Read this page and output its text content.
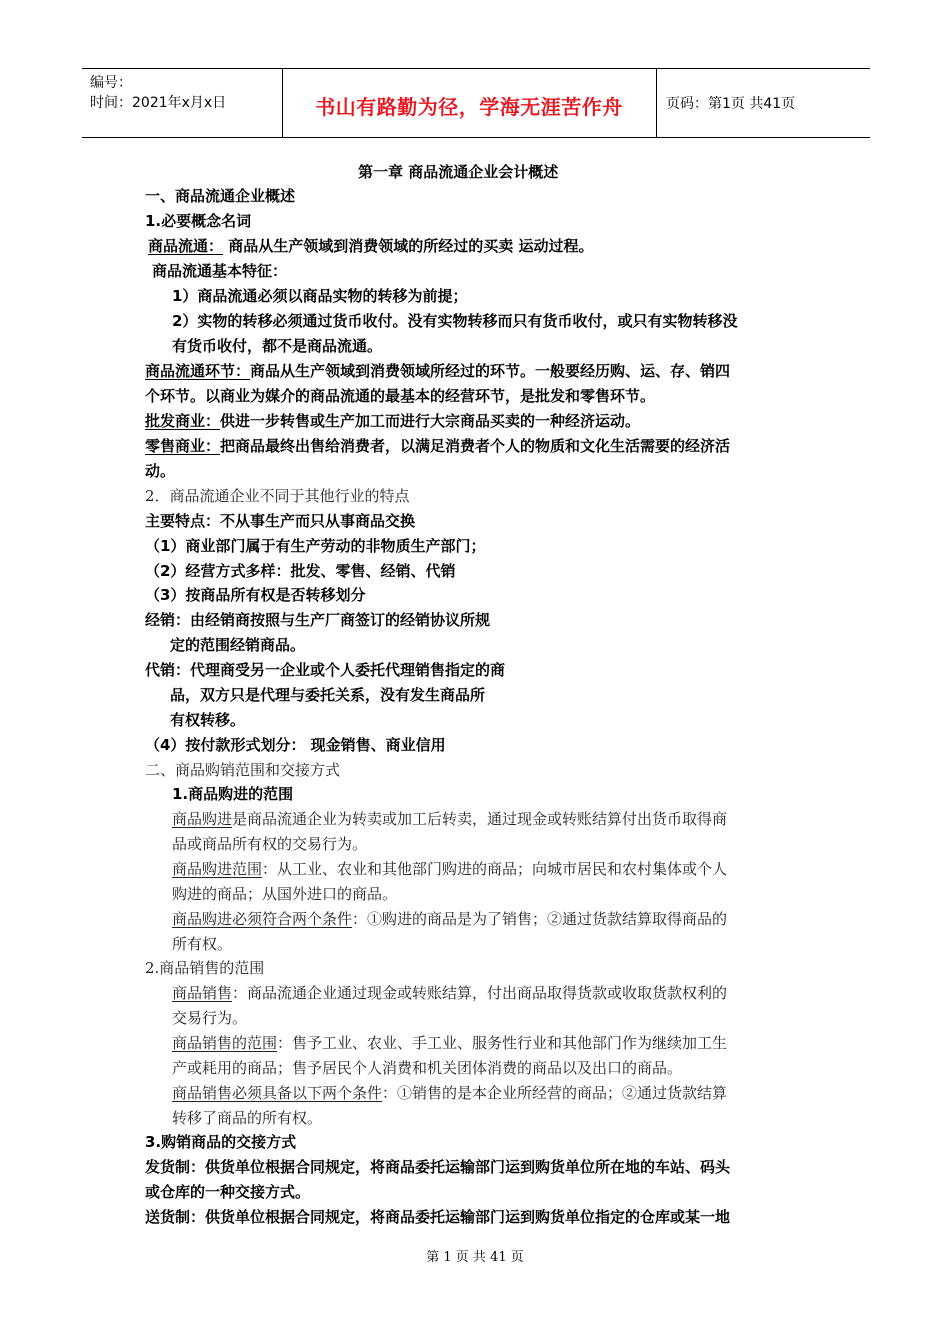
编号：
时间：2021年x月x日	书山有路勤为径，学海无涯苦作舟	页码：第1页 共41页
第一章 商品流通企业会计概述
一、商品流通企业概述
1.必要概念名词
商品流通： 商品从生产领域到消费领域的所经过的买卖 运动过程。
商品流通基本特征：
1）商品流通必须以商品实物的转移为前提；
2）实物的转移必须通过货币收付。没有实物转移而只有货币收付，或只有实物转移没
有货币收付，都不是商品流通。
商品流通环节：商品从生产领域到消费领域所经过的环节。一般要经历购、运、存、销四
个环节。以商业为媒介的商品流通的最基本的经营环节，是批发和零售环节。
批发商业：供进一步转售或生产加工而进行大宗商品买卖的一种经济运动。
零售商业：把商品最终出售给消费者，以满足消费者个人的物质和文化生活需要的经济活
动。
2．商品流通企业不同于其他行业的特点
主要特点：不从事生产而只从事商品交换
（1）商业部门属于有生产劳动的非物质生产部门；
（2）经营方式多样：批发、零售、经销、代销
（3）按商品所有权是否转移划分
经销：由经销商按照与生产厂商签订的经销协议所规
定的范围经销商品。
代销：代理商受另一企业或个人委托代理销售指定的商
品，双方只是代理与委托关系，没有发生商品所
有权转移。
（4）按付款形式划分： 现金销售、商业信用
二、商品购销范围和交接方式
1.商品购进的范围
商品购进是商品流通企业为转卖或加工后转卖，通过现金或转账结算付出货币取得商
品或商品所有权的交易行为。
商品购进范围：从工业、农业和其他部门购进的商品；向城市居民和农村集体或个人
购进的商品；从国外进口的商品。
商品购进必须符合两个条件：①购进的商品是为了销售；②通过货款结算取得商品的
所有权。
2.商品销售的范围
商品销售：商品流通企业通过现金或转账结算，付出商品取得货款或收取货款权利的
交易行为。
商品销售的范围：售予工业、农业、手工业、服务性行业和其他部门作为继续加工生
产或耗用的商品；售予居民个人消费和机关团体消费的商品以及出口的商品。
商品销售必须具备以下两个条件：①销售的是本企业所经营的商品；②通过货款结算
转移了商品的所有权。
3.购销商品的交接方式
发货制：供货单位根据合同规定，将商品委托运输部门运到购货单位所在地的车站、码头
或仓库的一种交接方式。
送货制：供货单位根据合同规定，将商品委托运输部门运到购货单位指定的仓库或某一地
第 1 页 共 41 页
